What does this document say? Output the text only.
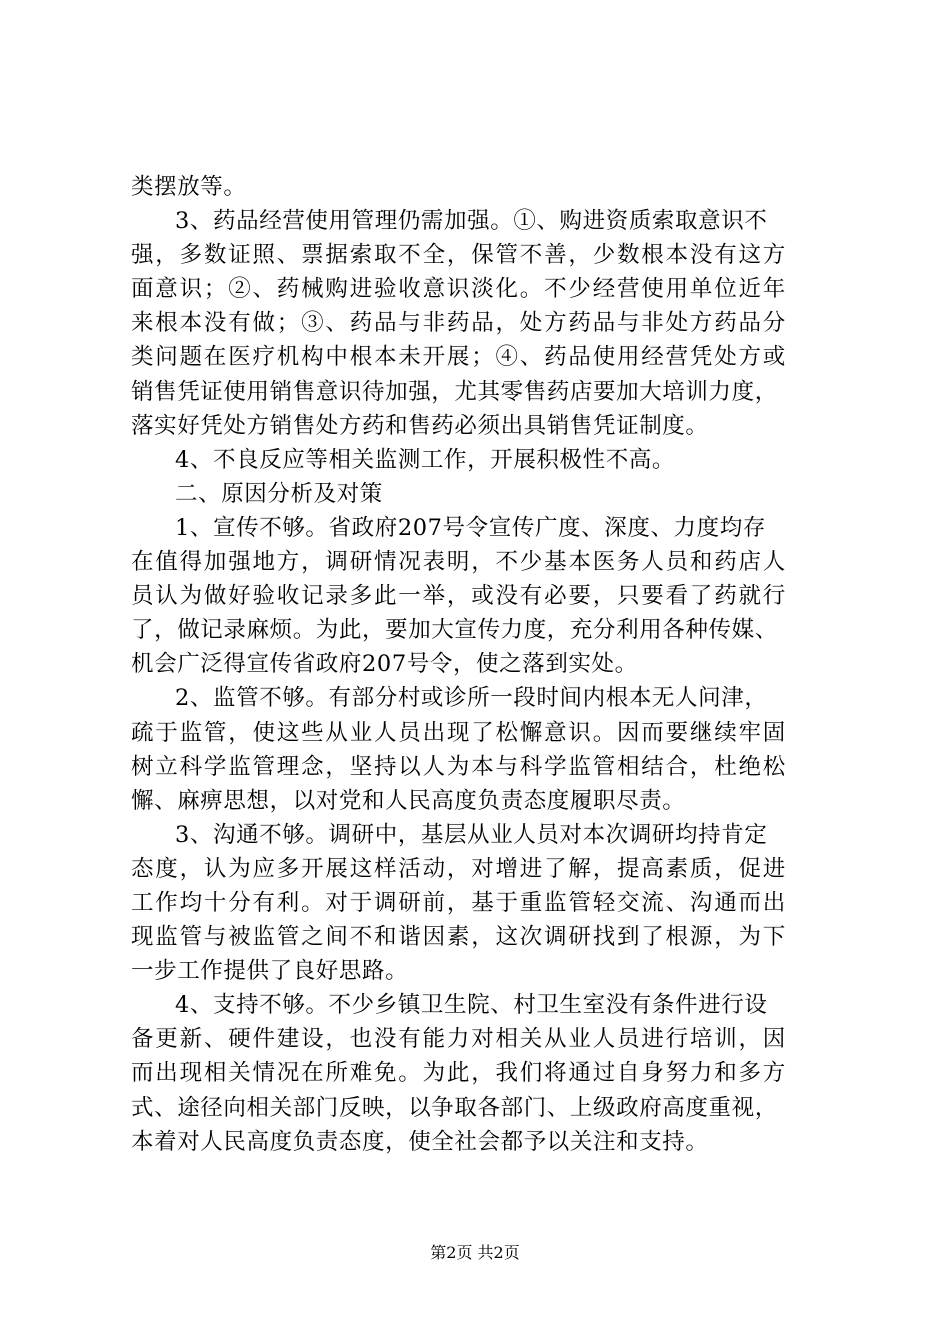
类摆放等。
3、药品经营使用管理仍需加强。①、购进资质索取意识不
强，多数证照、票据索取不全，保管不善，少数根本没有这方
面意识；②、药械购进验收意识淡化。不少经营使用单位近年
来根本没有做；③、药品与非药品，处方药品与非处方药品分
类问题在医疗机构中根本未开展；④、药品使用经营凭处方或
销售凭证使用销售意识待加强，尤其零售药店要加大培训力度，
落实好凭处方销售处方药和售药必须出具销售凭证制度。
4、不良反应等相关监测工作，开展积极性不高。
二、原因分析及对策
1、宣传不够。省政府207号令宣传广度、深度、力度均存
在值得加强地方，调研情况表明，不少基本医务人员和药店人
员认为做好验收记录多此一举，或没有必要，只要看了药就行
了，做记录麻烦。为此，要加大宣传力度，充分利用各种传媒、
机会广泛得宣传省政府207号令，使之落到实处。
2、监管不够。有部分村或诊所一段时间内根本无人问津，
疏于监管，使这些从业人员出现了松懈意识。因而要继续牢固
树立科学监管理念，坚持以人为本与科学监管相结合，杜绝松
懈、麻痹思想，以对党和人民高度负责态度履职尽责。
3、沟通不够。调研中，基层从业人员对本次调研均持肯定
态度，认为应多开展这样活动，对增进了解，提高素质，促进
工作均十分有利。对于调研前，基于重监管轻交流、沟通而出
现监管与被监管之间不和谐因素，这次调研找到了根源，为下
一步工作提供了良好思路。
4、支持不够。不少乡镇卫生院、村卫生室没有条件进行设
备更新、硬件建设，也没有能力对相关从业人员进行培训，因
而出现相关情况在所难免。为此，我们将通过自身努力和多方
式、途径向相关部门反映，以争取各部门、上级政府高度重视，
本着对人民高度负责态度，使全社会都予以关注和支持。
第2页 共2页
